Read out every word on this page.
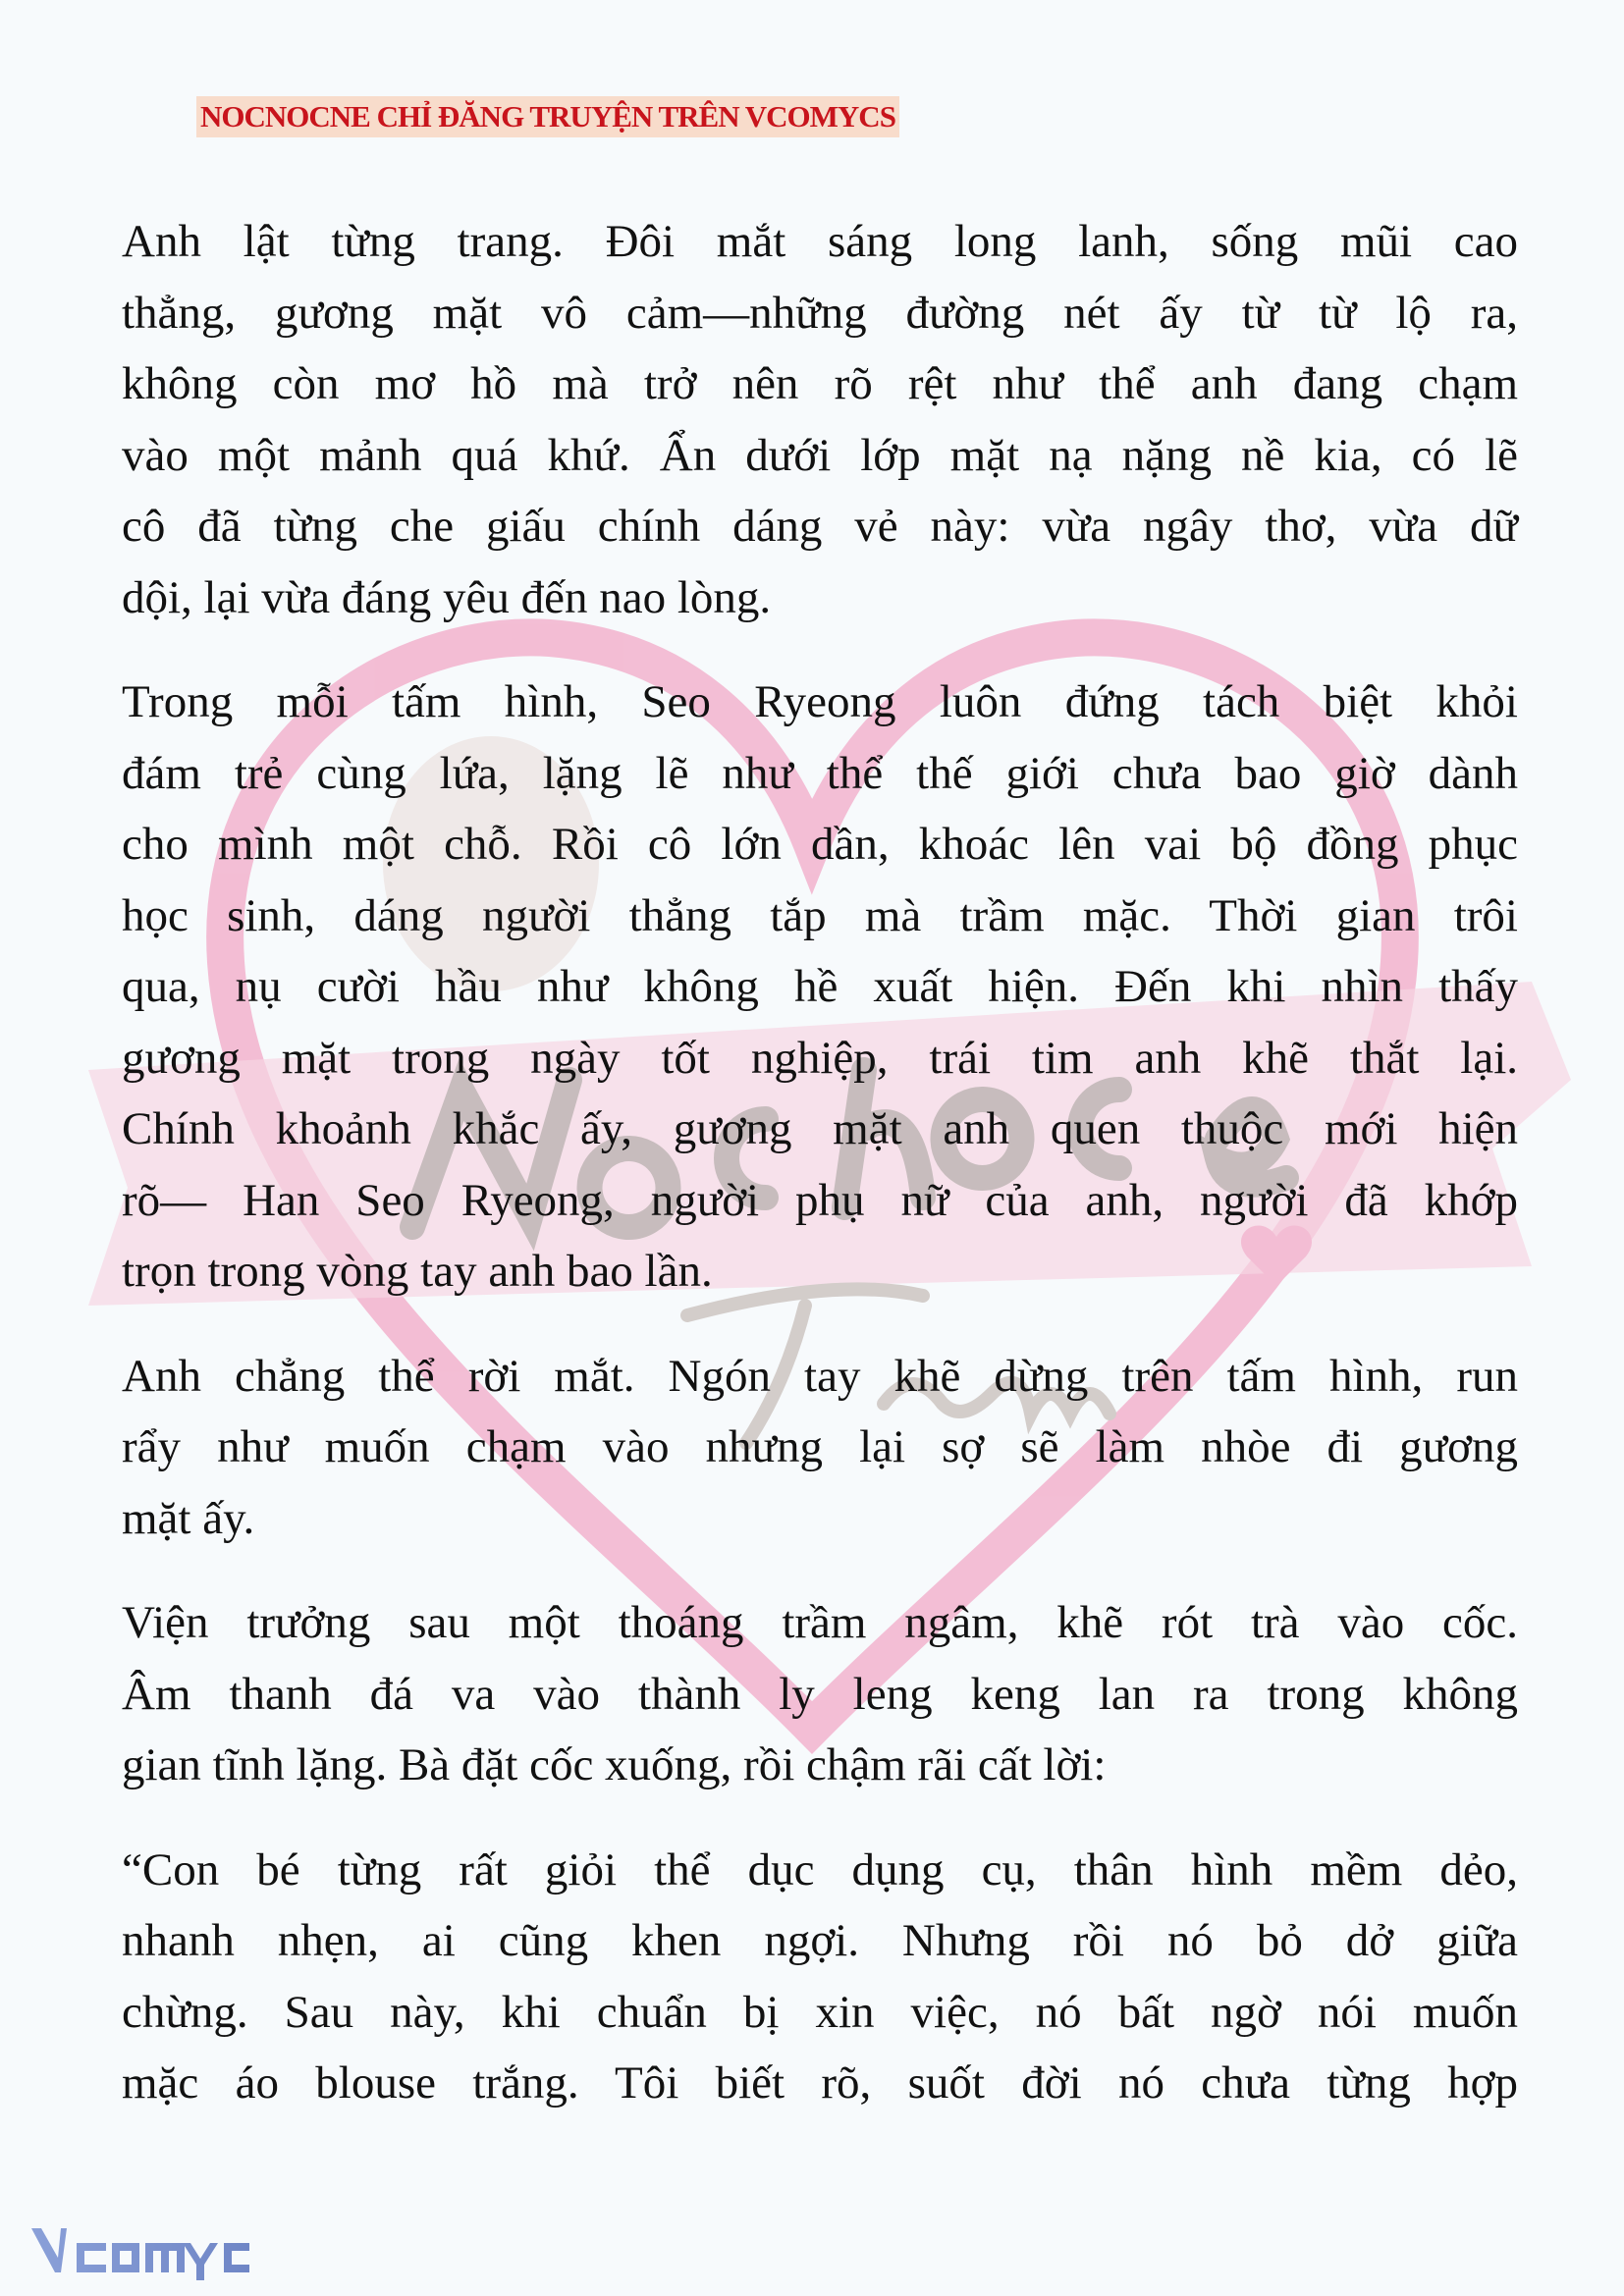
NOCNOCNE CHỈ ĐĂNG TRUYỆN TRÊN VCOMYCS
Anh lật từng trang. Đôi mắt sáng long lanh, sống mũi cao
thẳng, gương mặt vô cảm—những đường nét ấy từ từ lộ ra,
không còn mơ hồ mà trở nên rõ rệt như thể anh đang chạm
vào một mảnh quá khứ. Ẩn dưới lớp mặt nạ nặng nề kia, có lẽ
cô đã từng che giấu chính dáng vẻ này: vừa ngây thơ, vừa dữ
dội, lại vừa đáng yêu đến nao lòng.
Trong mỗi tấm hình, Seo Ryeong luôn đứng tách biệt khỏi
đám trẻ cùng lứa, lặng lẽ như thể thế giới chưa bao giờ dành
cho mình một chỗ. Rồi cô lớn dần, khoác lên vai bộ đồng phục
học sinh, dáng người thẳng tắp mà trầm mặc. Thời gian trôi
qua, nụ cười hầu như không hề xuất hiện. Đến khi nhìn thấy
gương mặt trong ngày tốt nghiệp, trái tim anh khẽ thắt lại.
Chính khoảnh khắc ấy, gương mặt anh quen thuộc mới hiện
rõ— Han Seo Ryeong, người phụ nữ của anh, người đã khớp
trọn trong vòng tay anh bao lần.
Anh chẳng thể rời mắt. Ngón tay khẽ dừng trên tấm hình, run
rẩy như muốn chạm vào nhưng lại sợ sẽ làm nhòe đi gương
mặt ấy.
Viện trưởng sau một thoáng trầm ngâm, khẽ rót trà vào cốc.
Âm thanh đá va vào thành ly leng keng lan ra trong không
gian tĩnh lặng. Bà đặt cốc xuống, rồi chậm rãi cất lời:
“Con bé từng rất giỏi thể dục dụng cụ, thân hình mềm dẻo,
nhanh nhẹn, ai cũng khen ngợi. Nhưng rồi nó bỏ dở giữa
chừng. Sau này, khi chuẩn bị xin việc, nó bất ngờ nói muốn
mặc áo blouse trắng. Tôi biết rõ, suốt đời nó chưa từng hợp
